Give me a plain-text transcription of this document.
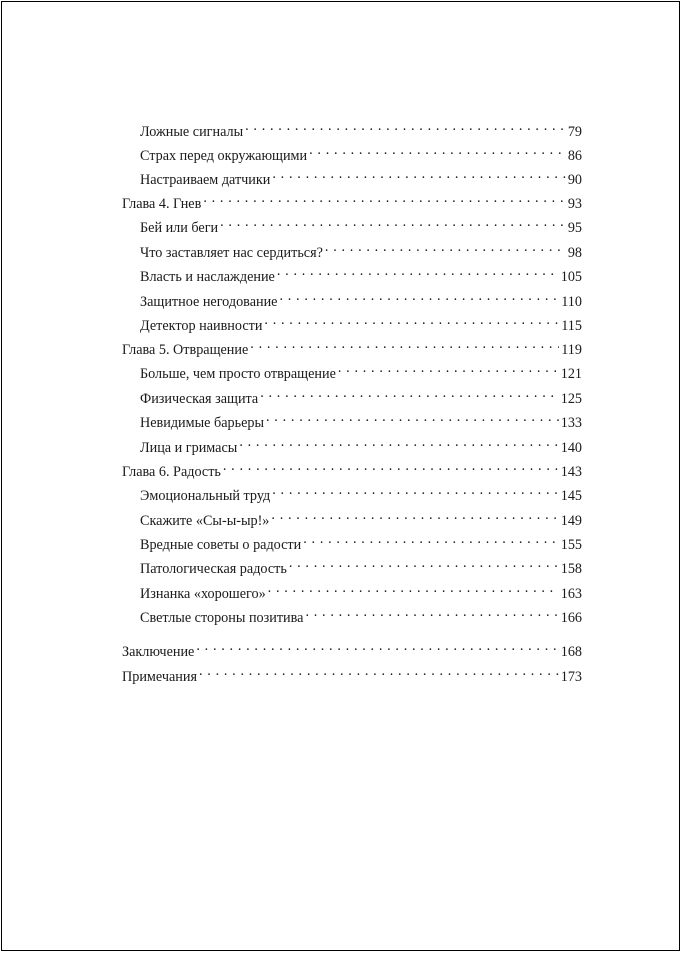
Ложные сигналы . . .	79
Страх перед окружающими . . .	86
Настраиваем датчики . . .	90
Глава 4. Гнев . . .	93
Бей или беги . . .	95
Что заставляет нас сердиться? . . .	98
Власть и наслаждение . . .	105
Защитное негодование . . .	110
Детектор наивности . . .	115
Глава 5. Отвращение . . .	119
Больше, чем просто отвращение . . .	121
Физическая защита . . .	125
Невидимые барьеры . . .	133
Лица и гримасы . . .	140
Глава 6. Радость . . .	143
Эмоциональный труд . . .	145
Скажите «Сы-ы-ыр!» . . .	149
Вредные советы о радости . . .	155
Патологическая радость . . .	158
Изнанка «хорошего» . . .	163
Светлые стороны позитива . . .	166
Заключение . . .	168
Примечания . . .	173
